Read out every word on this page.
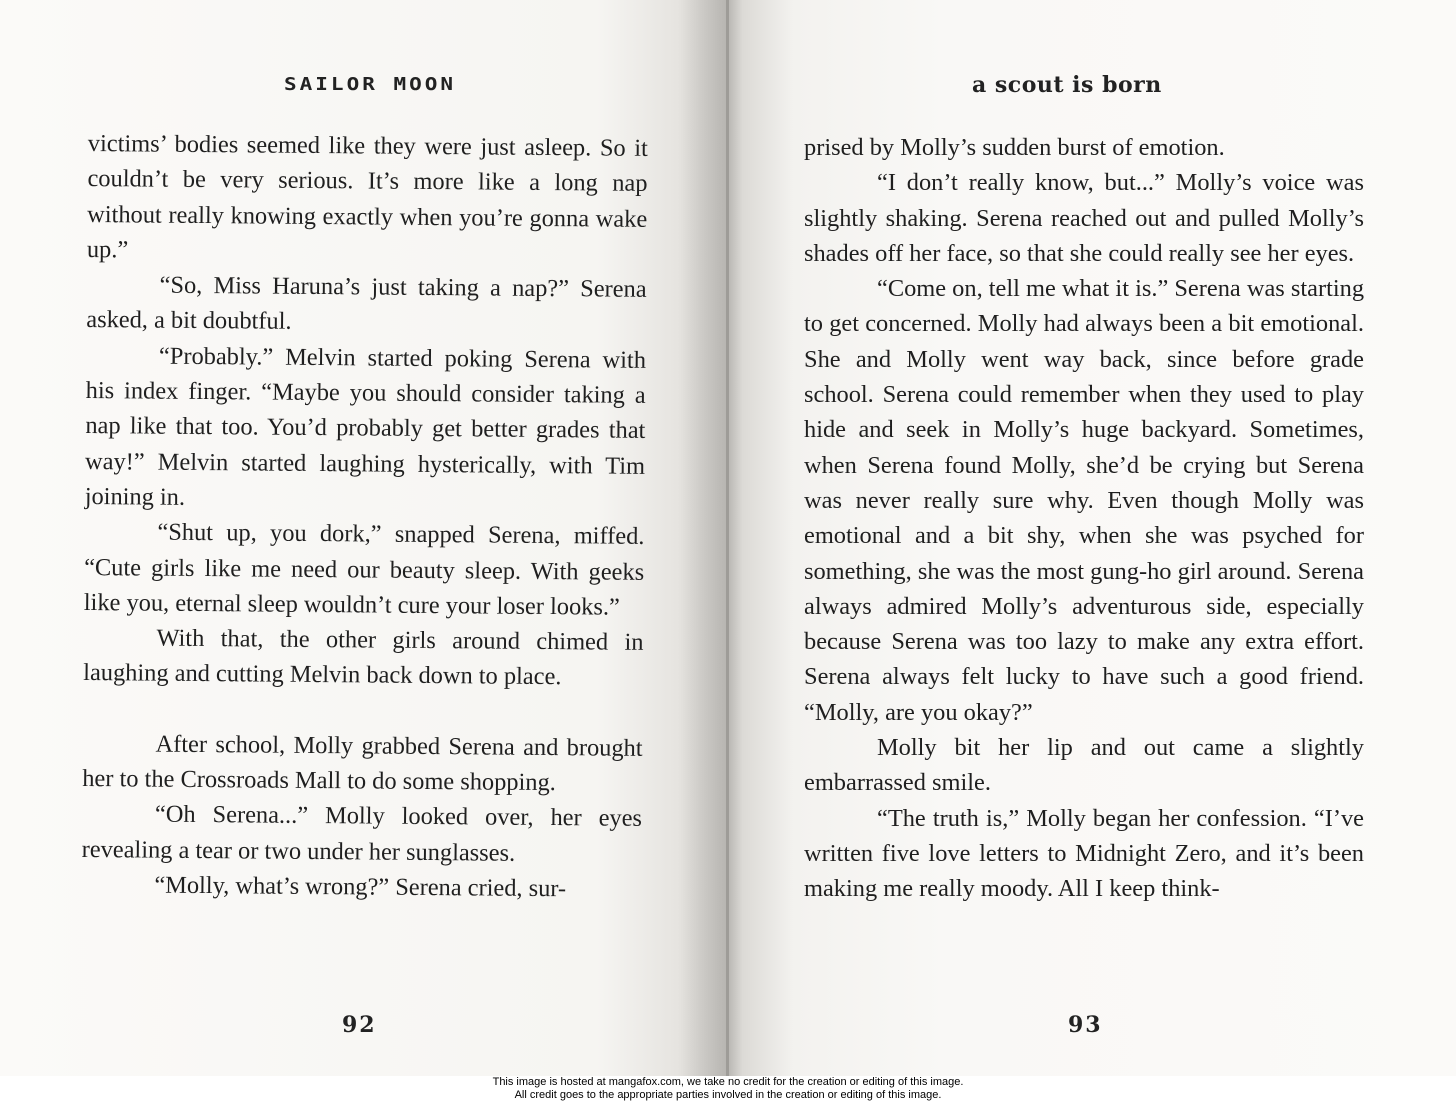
SAILOR MOON

victims’ bodies seemed like they were just asleep. So it couldn’t be very serious. It’s more like a long nap without really knowing exactly when you’re gonna wake up.”

“So, Miss Haruna’s just taking a nap?” Serena asked, a bit doubtful.

“Probably.” Melvin started poking Serena with his index finger. “Maybe you should consider taking a nap like that too. You’d probably get better grades that way!” Melvin started laughing hysterically, with Tim joining in.

“Shut up, you dork,” snapped Serena, miffed. “Cute girls like me need our beauty sleep. With geeks like you, eternal sleep wouldn’t cure your loser looks.”

With that, the other girls around chimed in laughing and cutting Melvin back down to place.

After school, Molly grabbed Serena and brought her to the Crossroads Mall to do some shopping.

“Oh Serena...” Molly looked over, her eyes revealing a tear or two under her sunglasses.

“Molly, what’s wrong?” Serena cried, sur-

92
a scout is born

prised by Molly’s sudden burst of emotion.

“I don’t really know, but...” Molly’s voice was slightly shaking. Serena reached out and pulled Molly’s shades off her face, so that she could really see her eyes.

“Come on, tell me what it is.” Serena was starting to get concerned. Molly had always been a bit emotional. She and Molly went way back, since before grade school. Serena could remember when they used to play hide and seek in Molly’s huge backyard. Sometimes, when Serena found Molly, she’d be crying but Serena was never really sure why. Even though Molly was emotional and a bit shy, when she was psyched for something, she was the most gung-ho girl around. Serena always admired Molly’s adventurous side, especially because Serena was too lazy to make any extra effort. Serena always felt lucky to have such a good friend. “Molly, are you okay?”

Molly bit her lip and out came a slightly embarrassed smile.

“The truth is,” Molly began her confession. “I’ve written five love letters to Midnight Zero, and it’s been making me really moody. All I keep think-

93
This image is hosted at mangafox.com, we take no credit for the creation or editing of this image.
All credit goes to the appropriate parties involved in the creation or editing of this image.
